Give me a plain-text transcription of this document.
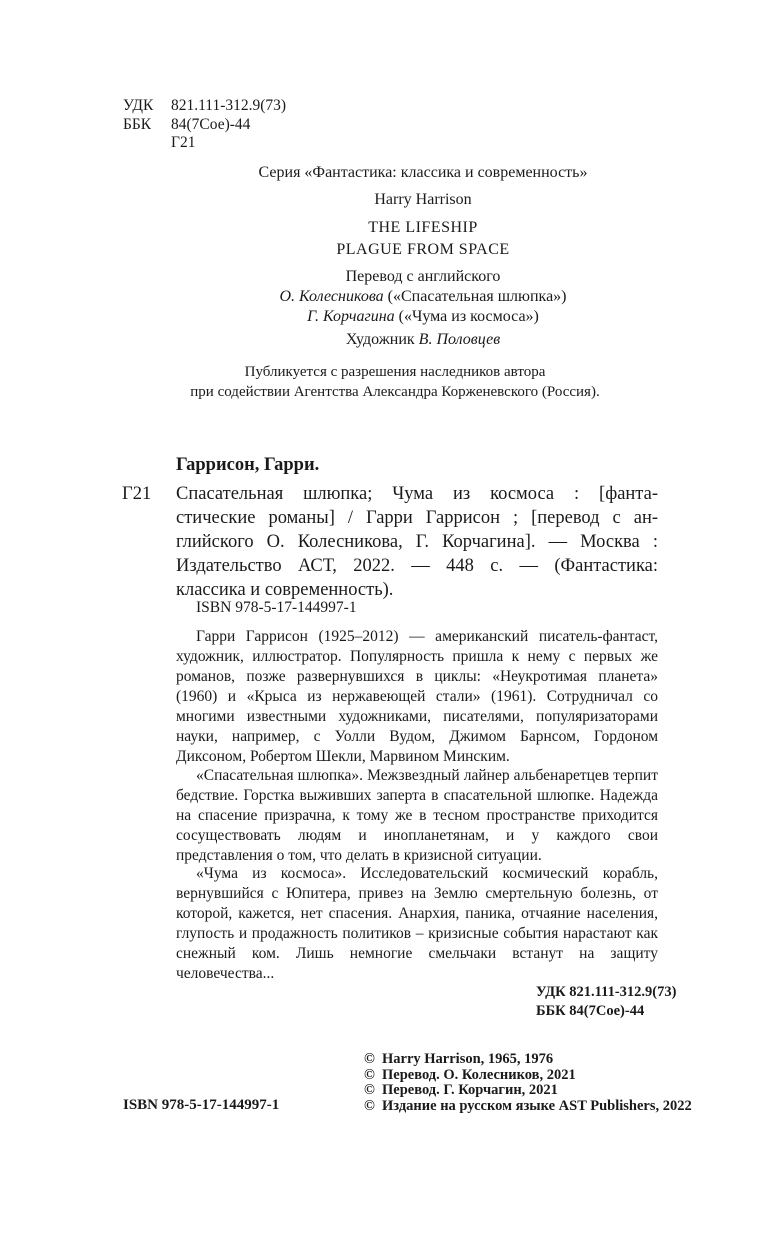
УДК	821.111-312.9(73)
ББК	84(7Сое)-44
Г21
Серия «Фантастика: классика и современность»
Harry Harrison
THE LIFESHIP
PLAGUE FROM SPACE
Перевод с английского
О. Колесникова («Спасательная шлюпка»)
Г. Корчагина («Чума из космоса»)
Художник В. Половцев
Публикуется с разрешения наследников автора
при содействии Агентства Александра Корженевского (Россия).
Гаррисон, Гарри.
Г21 Спасательная шлюпка; Чума из космоса : [фанта-
стические романы] / Гарри Гаррисон ; [перевод с ан-
глийского О. Колесникова, Г. Корчагина]. — Москва :
Издательство АСТ, 2022. — 448 с. — (Фантастика:
классика и современность).
ISBN 978-5-17-144997-1

Гарри Гаррисон (1925–2012) — американский писатель-фантаст, художник, иллюстратор. Популярность пришла к нему с первых же романов, позже развернувшихся в циклы: «Неукротимая планета» (1960) и «Крыса из нержавеющей стали» (1961). Сотрудничал со многими известными художниками, писателями, популяризаторами науки, например, с Уолли Вудом, Джимом Барнсом, Гордоном Диксоном, Робертом Шекли, Марвином Минским.

«Спасательная шлюпка». Межзвездный лайнер альбенаретцев терпит бедствие. Горстка выживших заперта в спасательной шлюпке. Надежда на спасение призрачна, к тому же в тесном пространстве приходится сосуществовать людям и инопланетянам, и у каждого свои представления о том, что делать в кризисной ситуации.

«Чума из космоса». Исследовательский космический корабль, вернувшийся с Юпитера, привез на Землю смертельную болезнь, от которой, кажется, нет спасения. Анархия, паника, отчаяние населения, глупость и продажность политиков – кризисные события нарастают как снежный ком. Лишь немногие смельчаки встанут на защиту человечества...

УДК 821.111-312.9(73)
ББК 84(7Сое)-44
ISBN 978-5-17-144997-1
© Harry Harrison, 1965, 1976
© Перевод. О. Колесников, 2021
© Перевод. Г. Корчагин, 2021
© Издание на русском языке AST Publishers, 2022
